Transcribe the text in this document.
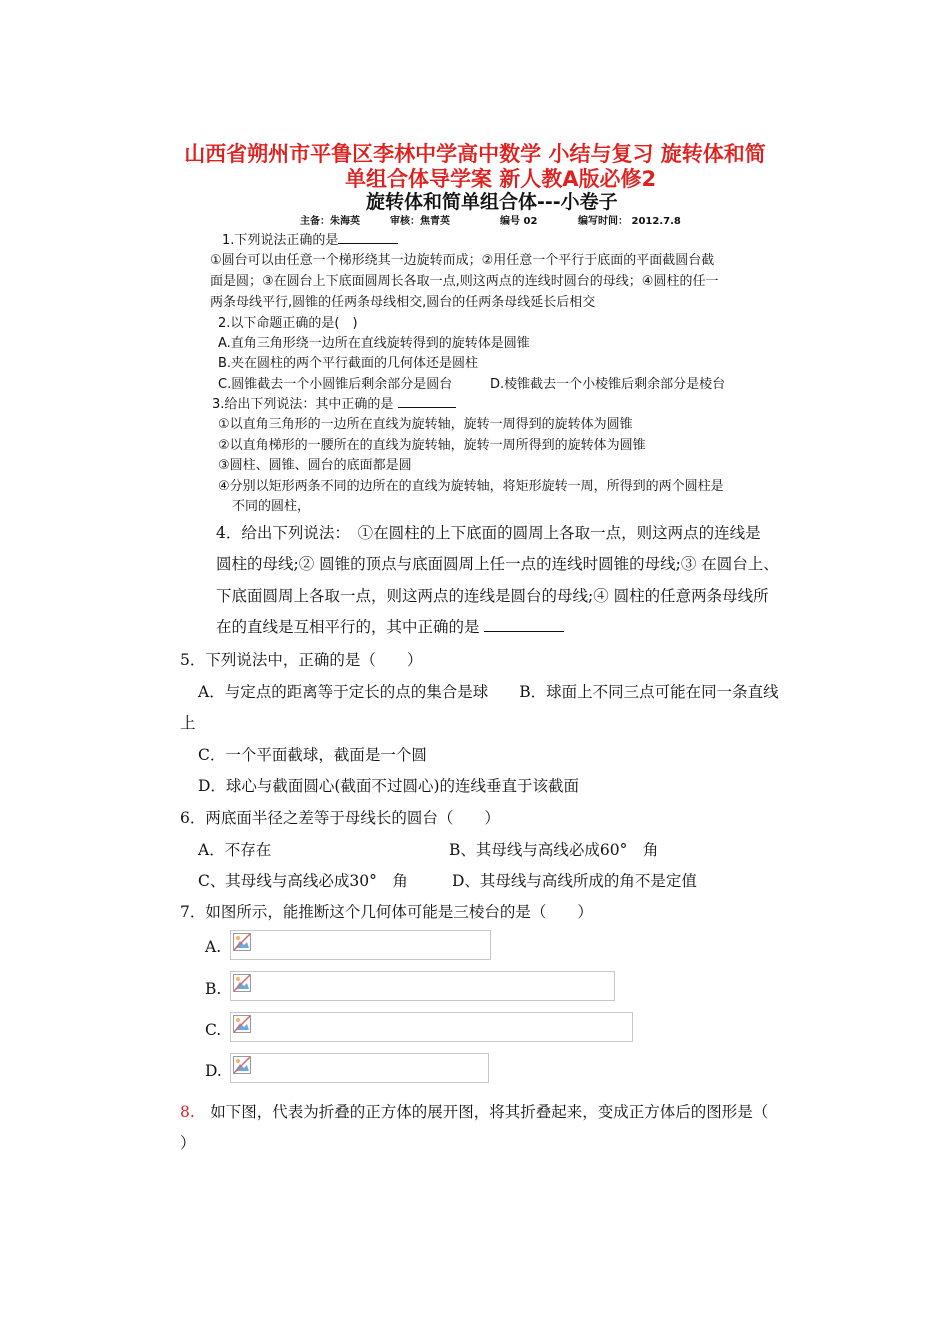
山西省朔州市平鲁区李林中学高中数学 小结与复习 旋转体和简
单组合体导学案 新人教A版必修2
旋转体和简单组合体---小卷子
主备：朱海英	审核：焦青英	编号 02	编写时间： 2012.7.8
1.下列说法正确的是
①圆台可以由任意一个梯形绕其一边旋转而成；②用任意一个平行于底面的平面截圆台截
面是圆；③在圆台上下底面圆周长各取一点,则这两点的连线时圆台的母线；④圆柱的任一
两条母线平行,圆锥的任两条母线相交,圆台的任两条母线延长后相交
2.以下命题正确的是(　)
A.直角三角形绕一边所在直线旋转得到的旋转体是圆锥
B.夹在圆柱的两个平行截面的几何体还是圆柱
C.圆锥截去一个小圆锥后剩余部分是圆台	D.棱锥截去一个小棱锥后剩余部分是棱台
3.给出下列说法：其中正确的是
①以直角三角形的一边所在直线为旋转轴，旋转一周得到的旋转体为圆锥
②以直角梯形的一腰所在的直线为旋转轴，旋转一周所得到的旋转体为圆锥
③圆柱、圆锥、圆台的底面都是圆
④分别以矩形两条不同的边所在的直线为旋转轴，将矩形旋转一周，所得到的两个圆柱是
不同的圆柱，
4．给出下列说法：　①在圆柱的上下底面的圆周上各取一点，则这两点的连线是
圆柱的母线;② 圆锥的顶点与底面圆周上任一点的连线时圆锥的母线;③ 在圆台上、
下底面圆周上各取一点，则这两点的连线是圆台的母线;④ 圆柱的任意两条母线所
在的直线是互相平行的，其中正确的是
5．下列说法中，正确的是（　　）
A．与定点的距离等于定长的点的集合是球　　B．球面上不同三点可能在同一条直线
上
C．一个平面截球，截面是一个圆
D．球心与截面圆心(截面不过圆心)的连线垂直于该截面
6．两底面半径之差等于母线长的圆台（　　）
A．不存在	B、其母线与高线必成60°　角
C、其母线与高线必成30°　角	D、其母线与高线所成的角不是定值
7．如图所示，能推断这个几何体可能是三棱台的是（　　）
A.
B.
C.
D.
8.　如下图，代表为折叠的正方体的展开图，将其折叠起来，变成正方体后的图形是（
）
